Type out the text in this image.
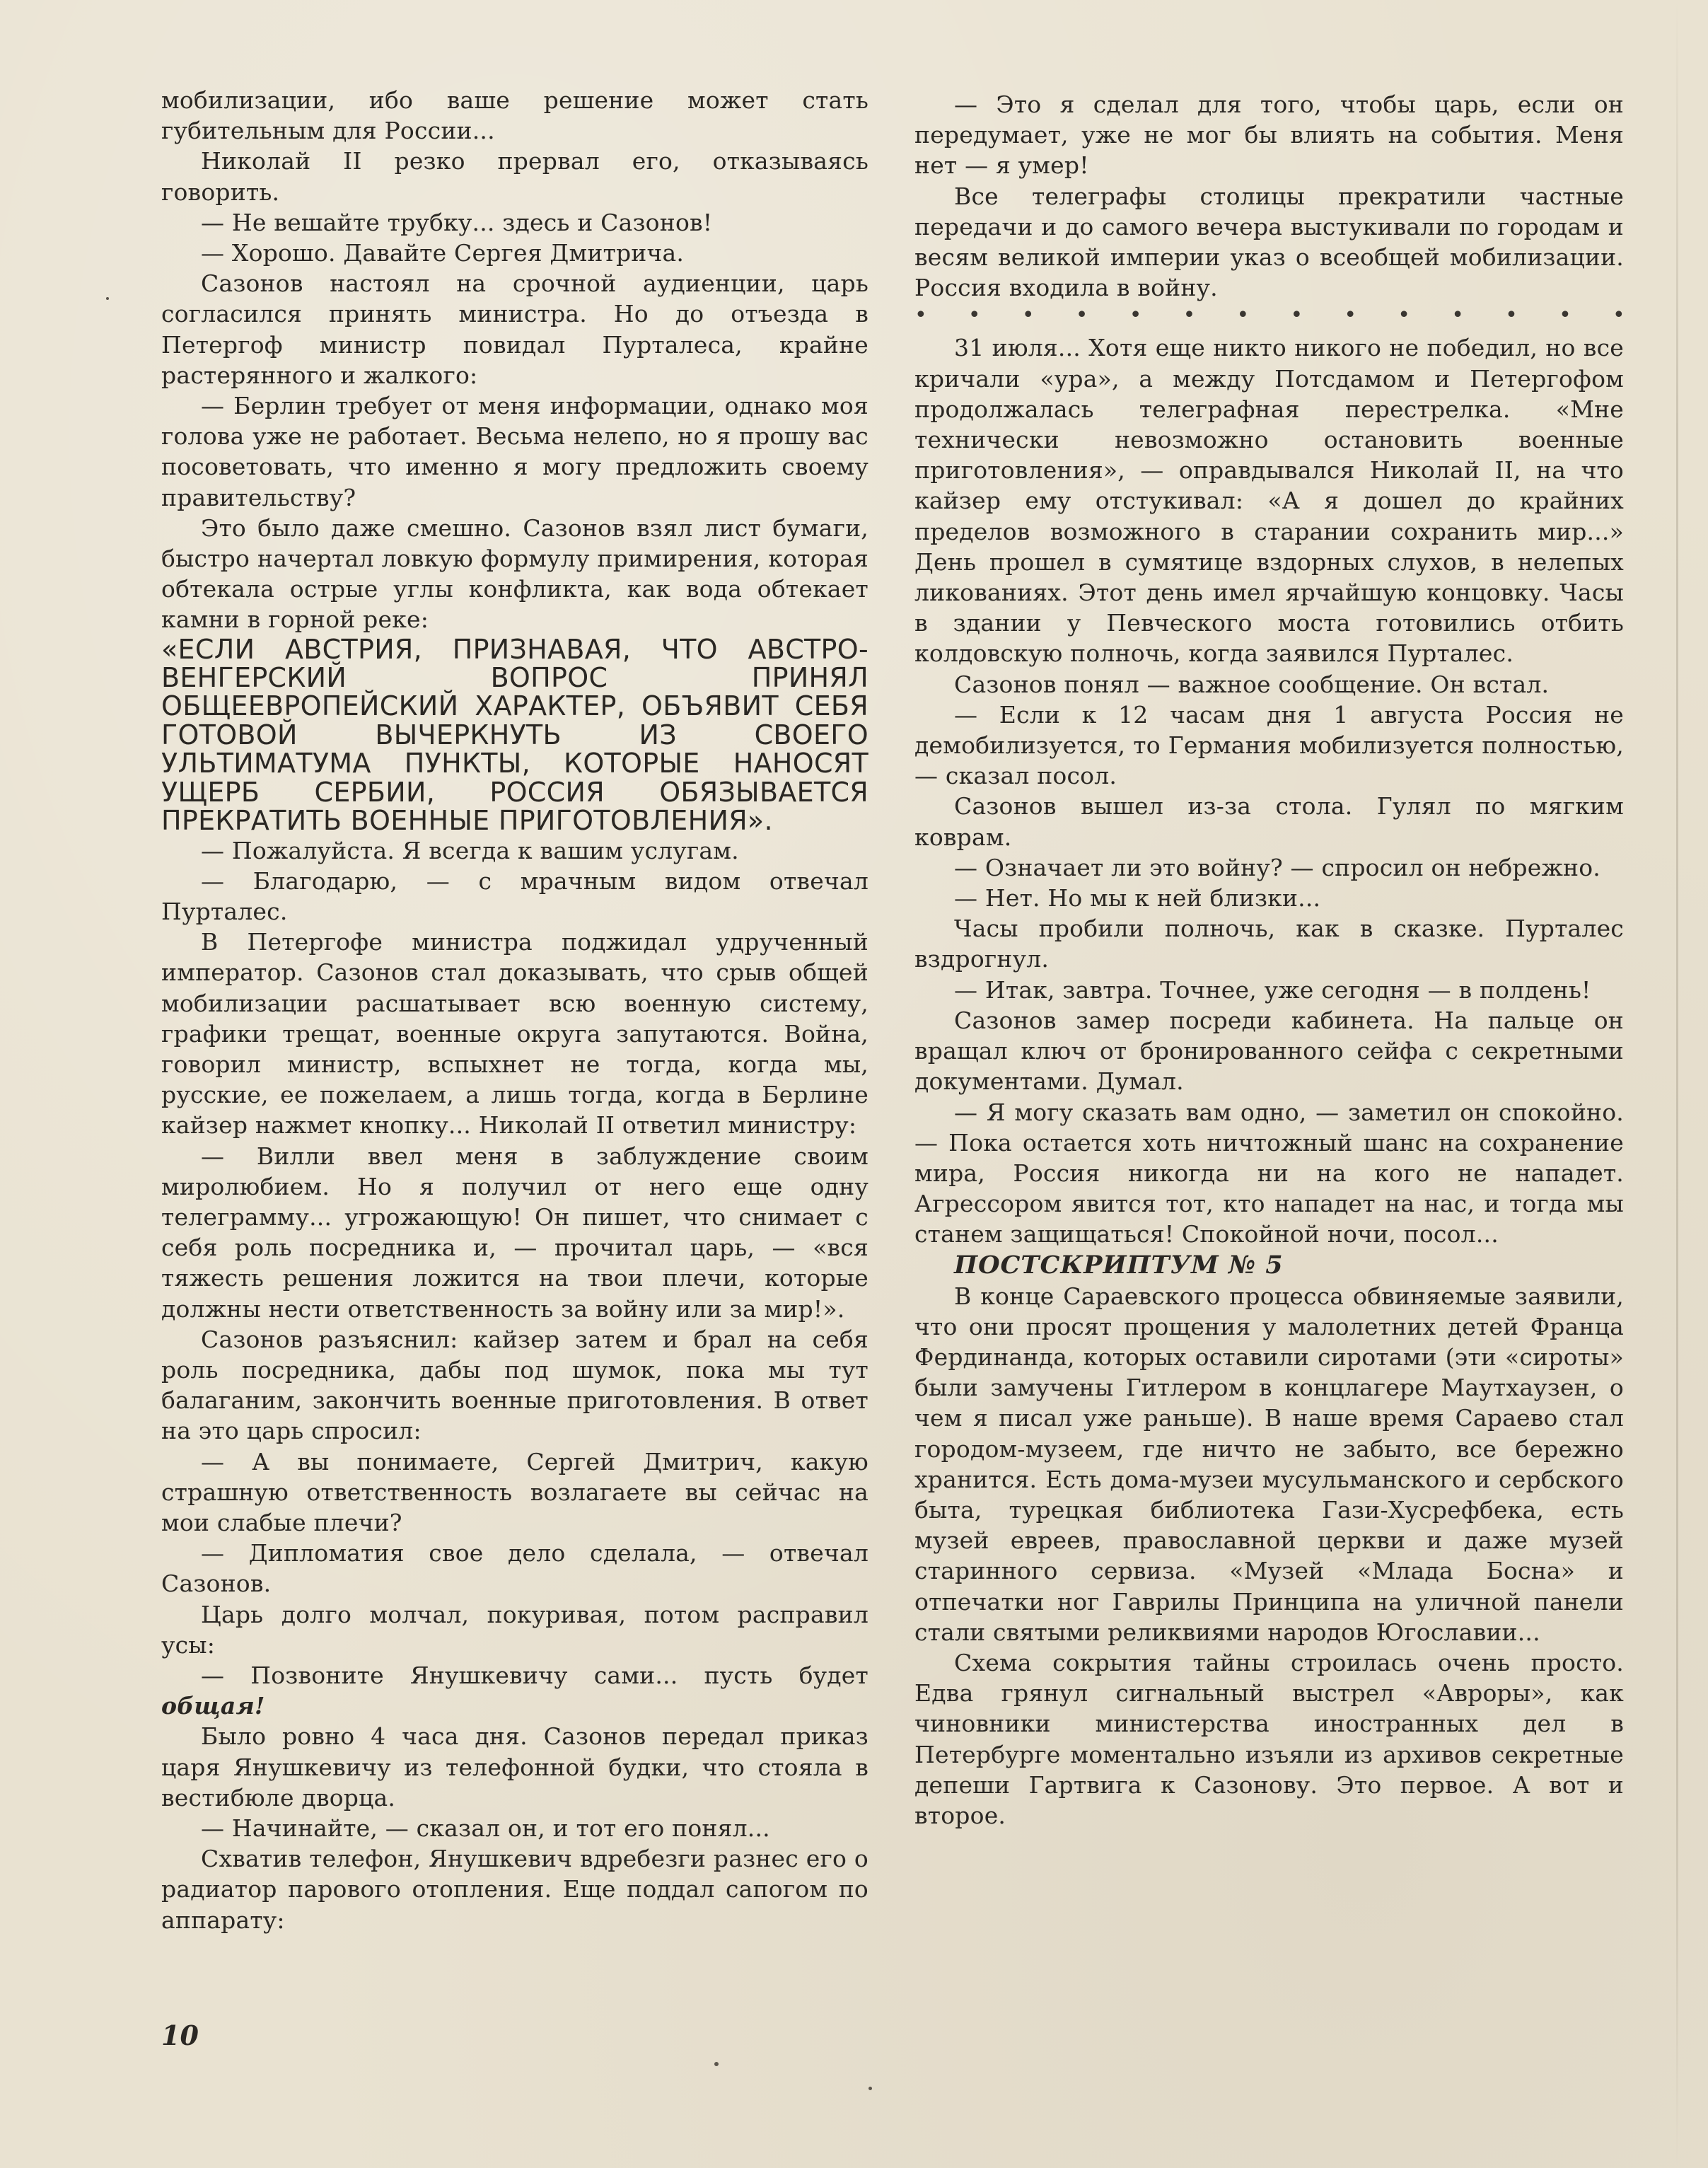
мобилизации, ибо ваше решение может стать губительным для России...

Николай II резко прервал его, отказываясь говорить.

— Не вешайте трубку... здесь и Сазонов!

— Хорошо. Давайте Сергея Дмитрича.

Сазонов настоял на срочной аудиенции, царь согласился принять министра. Но до отъезда в Петергоф министр повидал Пурталеса, крайне растерянного и жалкого:

— Берлин требует от меня информации, однако моя голова уже не работает. Весьма нелепо, но я прошу вас посоветовать, что именно я могу предложить своему правительству?

Это было даже смешно. Сазонов взял лист бумаги, быстро начертал ловкую формулу примирения, которая обтекала острые углы конфликта, как вода обтекает камни в горной реке:

«ЕСЛИ АВСТРИЯ, ПРИЗНАВАЯ, ЧТО АВСТРО-ВЕНГЕРСКИЙ ВОПРОС ПРИНЯЛ ОБЩЕЕВРОПЕЙСКИЙ ХАРАКТЕР, ОБЪЯВИТ СЕБЯ ГОТОВОЙ ВЫЧЕРКНУТЬ ИЗ СВОЕГО УЛЬТИМАТУМА ПУНКТЫ, КОТОРЫЕ НАНОСЯТ УЩЕРБ СЕРБИИ, РОССИЯ ОБЯЗЫВАЕТСЯ ПРЕКРАТИТЬ ВОЕННЫЕ ПРИГОТОВЛЕНИЯ».

— Пожалуйста. Я всегда к вашим услугам.

— Благодарю, — с мрачным видом отвечал Пурталес.

В Петергофе министра поджидал удрученный император. Сазонов стал доказывать, что срыв общей мобилизации расшатывает всю военную систему, графики трещат, военные округа запутаются. Война, говорил министр, вспыхнет не тогда, когда мы, русские, ее пожелаем, а лишь тогда, когда в Берлине кайзер нажмет кнопку... Николай II ответил министру:

— Вилли ввел меня в заблуждение своим миролюбием. Но я получил от него еще одну телеграмму... угрожающую! Он пишет, что снимает с себя роль посредника и, — прочитал царь, — «вся тяжесть решения ложится на твои плечи, которые должны нести ответственность за войну или за мир!».

Сазонов разъяснил: кайзер затем и брал на себя роль посредника, дабы под шумок, пока мы тут балаганим, закончить военные приготовления. В ответ на это царь спросил:

— А вы понимаете, Сергей Дмитрич, какую страшную ответственность возлагаете вы сейчас на мои слабые плечи?

— Дипломатия свое дело сделала, — отвечал Сазонов.

Царь долго молчал, покуривая, потом расправил усы:

— Позвоните Янушкевичу сами... пусть будет общая!

Было ровно 4 часа дня. Сазонов передал приказ царя Янушкевичу из телефонной будки, что стояла в вестибюле дворца.

— Начинайте, — сказал он, и тот его понял...

Схватив телефон, Янушкевич вдребезги разнес его о радиатор парового отопления. Еще поддал сапогом по аппарату:

— Это я сделал для того, чтобы царь, если он передумает, уже не мог бы влиять на события. Меня нет — я умер!

Все телеграфы столицы прекратили частные передачи и до самого вечера выстукивали по городам и весям великой империи указ о всеобщей мобилизации. Россия входила в войну.

• • • • • • • • • • • • • •

31 июля... Хотя еще никто никого не победил, но все кричали «ура», а между Потсдамом и Петергофом продолжалась телеграфная перестрелка. «Мне технически невозможно остановить военные приготовления», — оправдывался Николай II, на что кайзер ему отстукивал: «А я дошел до крайних пределов возможного в старании сохранить мир...» День прошел в сумятице вздорных слухов, в нелепых ликованиях. Этот день имел ярчайшую концовку. Часы в здании у Певческого моста готовились отбить колдовскую полночь, когда заявился Пурталес.

Сазонов понял — важное сообщение. Он встал.

— Если к 12 часам дня 1 августа Россия не демобилизуется, то Германия мобилизуется полностью, — сказал посол.

Сазонов вышел из-за стола. Гулял по мягким коврам.

— Означает ли это войну? — спросил он небрежно.

— Нет. Но мы к ней близки...

Часы пробили полночь, как в сказке. Пурталес вздрогнул.

— Итак, завтра. Точнее, уже сегодня — в полдень!

Сазонов замер посреди кабинета. На пальце он вращал ключ от бронированного сейфа с секретными документами. Думал.

— Я могу сказать вам одно, — заметил он спокойно. — Пока остается хоть ничтожный шанс на сохранение мира, Россия никогда ни на кого не нападет. Агрессором явится тот, кто нападет на нас, и тогда мы станем защищаться! Спокойной ночи, посол...

ПОСТСКРИПТУМ № 5

В конце Сараевского процесса обвиняемые заявили, что они просят прощения у малолетних детей Франца Фердинанда, которых оставили сиротами (эти «сироты» были замучены Гитлером в концлагере Маутхаузен, о чем я писал уже раньше). В наше время Сараево стал городом-музеем, где ничто не забыто, все бережно хранится. Есть дома-музеи мусульманского и сербского быта, турецкая библиотека Гази-Хусрефбека, есть музей евреев, православной церкви и даже музей старинного сервиза. «Музей «Млада Босна» и отпечатки ног Гаврилы Принципа на уличной панели стали святыми реликвиями народов Югославии...

Схема сокрытия тайны строилась очень просто. Едва грянул сигнальный выстрел «Авроры», как чиновники министерства иностранных дел в Петербурге моментально изъяли из архивов секретные депеши Гартвига к Сазонову. Это первое. А вот и второе.

10
